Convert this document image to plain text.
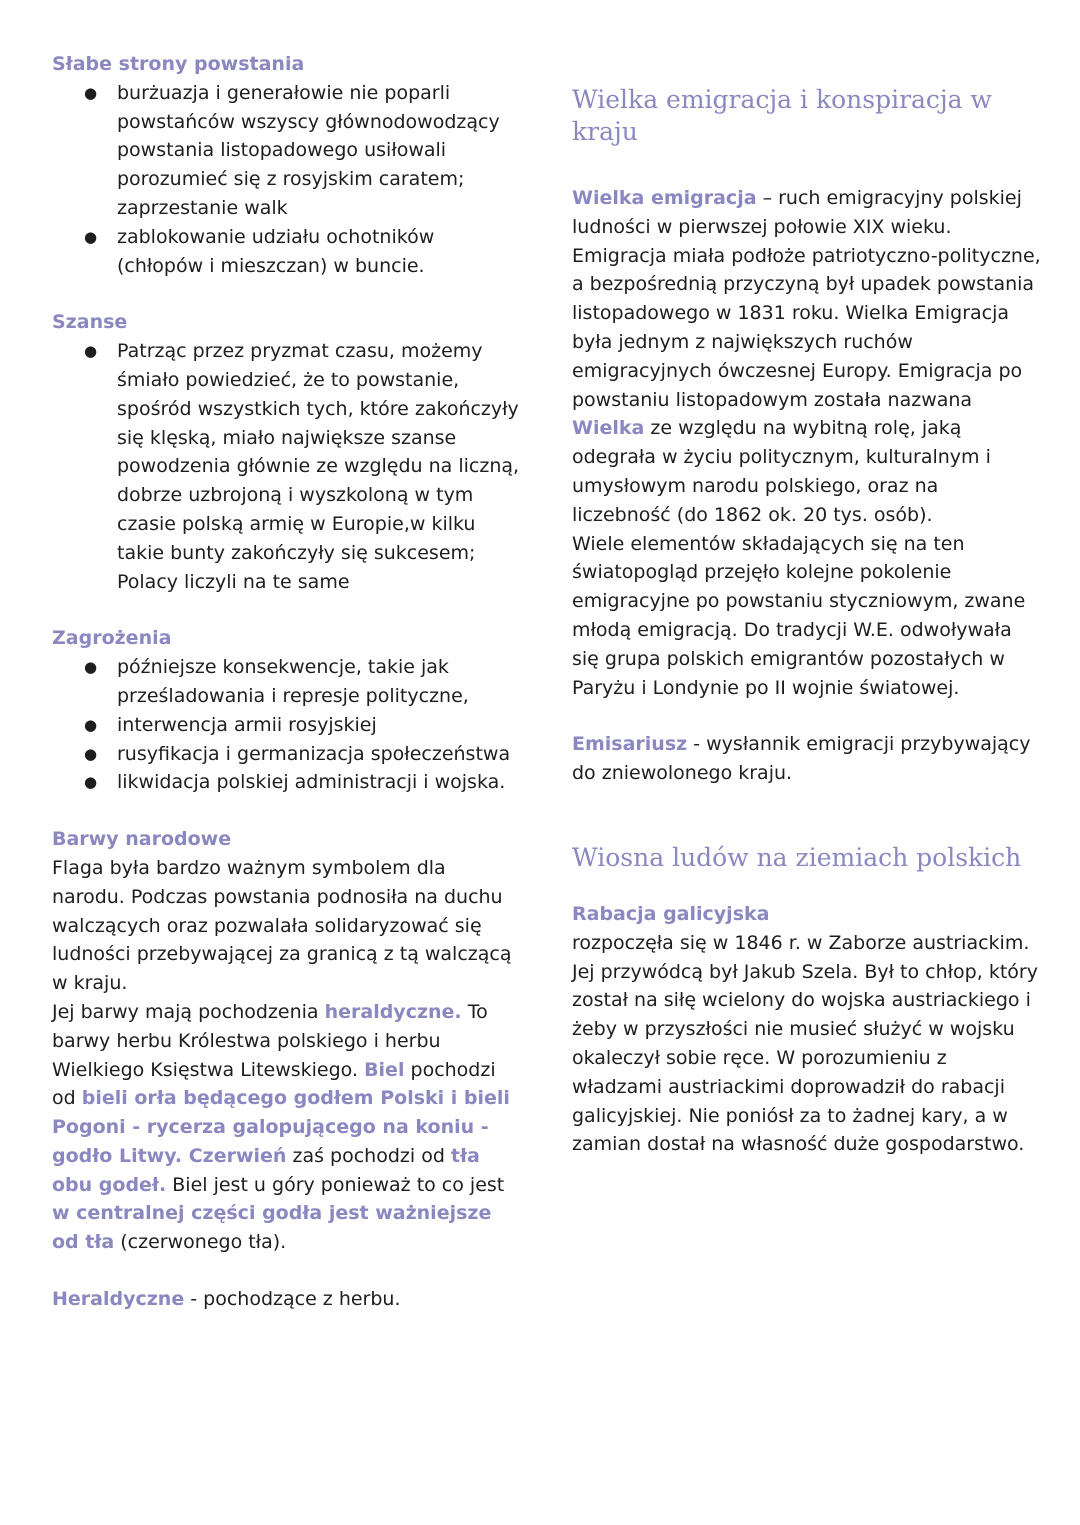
Słabe strony powstania
● burżuazja i generałowie nie poparli powstańców wszyscy głównodowodzący powstania listopadowego usiłowali porozumieć się z rosyjskim caratem; zaprzestanie walk
● zablokowanie udziału ochotników (chłopów i mieszczan) w buncie.
Szanse
● Patrząc przez pryzmat czasu, możemy śmiało powiedzieć, że to powstanie, spośród wszystkich tych, które zakończyły się klęską, miało największe szanse powodzenia głównie ze względu na liczną, dobrze uzbrojoną i wyszkoloną w tym czasie polską armię w Europie,w kilku takie bunty zakończyły się sukcesem; Polacy liczyli na te same
Zagrożenia
● późniejsze konsekwencje, takie jak prześladowania i represje polityczne,
● interwencja armii rosyjskiej
● rusyfikacja i germanizacja społeczeństwa
● likwidacja polskiej administracji i wojska.
Barwy narodowe

Flaga była bardzo ważnym symbolem dla narodu. Podczas powstania podnosiła na duchu walczących oraz pozwalała solidaryzować się ludności przebywającej za granicą z tą walczącą w kraju.

Jej barwy mają pochodzenia heraldyczne. To barwy herbu Królestwa polskiego i herbu Wielkiego Księstwa Litewskiego. Biel pochodzi od bieli orła będącego godłem Polski i bieli Pogoni - rycerza galopującego na koniu - godło Litwy. Czerwień zaś pochodzi od tła obu godeł. Biel jest u góry ponieważ to co jest w centralnej części godła jest ważniejsze od tła (czerwonego tła).

Heraldyczne - pochodzące z herbu.

Wielka emigracja i konspiracja w kraju

Wielka emigracja – ruch emigracyjny polskiej ludności w pierwszej połowie XIX wieku. Emigracja miała podłoże patriotyczno-polityczne, a bezpośrednią przyczyną był upadek powstania listopadowego w 1831 roku. Wielka Emigracja była jednym z największych ruchów emigracyjnych ówczesnej Europy. Emigracja po powstaniu listopadowym została nazwana Wielka ze względu na wybitną rolę, jaką odegrała w życiu politycznym, kulturalnym i umysłowym narodu polskiego, oraz na liczebność (do 1862 ok. 20 tys. osób).

Wiele elementów składających się na ten światopogląd przejęło kolejne pokolenie emigracyjne po powstaniu styczniowym, zwane młodą emigracją. Do tradycji W.E. odwoływała się grupa polskich emigrantów pozostałych w Paryżu i Londynie po II wojnie światowej.

Emisariusz - wysłannik emigracji przybywający do zniewolonego kraju.

Wiosna ludów na ziemiach polskich
Rabacja galicyjska

rozpoczęła się w 1846 r. w Zaborze austriackim. Jej przywódcą był Jakub Szela. Był to chłop, który został na siłę wcielony do wojska austriackiego i żeby w przyszłości nie musieć służyć w wojsku okaleczył sobie ręce. W porozumieniu z władzami austriackimi doprowadził do rabacji galicyjskiej. Nie poniósł za to żadnej kary, a w zamian dostał na własność duże gospodarstwo.
